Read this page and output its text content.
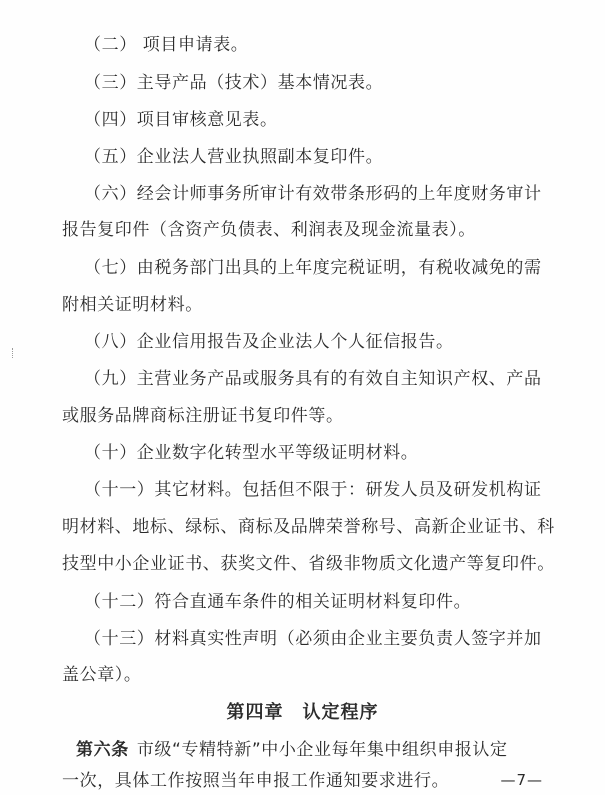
（二） 项目申请表。
（三）主导产品（技术）基本情况表。
（四）项目审核意见表。
（五）企业法人营业执照副本复印件。
（六）经会计师事务所审计有效带条形码的上年度财务审计
报告复印件（含资产负债表、利润表及现金流量表）。
（七）由税务部门出具的上年度完税证明，有税收减免的需
附相关证明材料。
（八）企业信用报告及企业法人个人征信报告。
（九）主营业务产品或服务具有的有效自主知识产权、产品
或服务品牌商标注册证书复印件等。
（十）企业数字化转型水平等级证明材料。
（十一）其它材料。包括但不限于：研发人员及研发机构证
明材料、地标、绿标、商标及品牌荣誉称号、高新企业证书、科
技型中小企业证书、获奖文件、省级非物质文化遗产等复印件。
（十二）符合直通车条件的相关证明材料复印件。
（十三）材料真实性声明（必须由企业主要负责人签字并加
盖公章）。
第四章　认定程序
第六条 市级“专精特新”中小企业每年集中组织申报认定
一次，具体工作按照当年申报工作通知要求进行。	—7—
